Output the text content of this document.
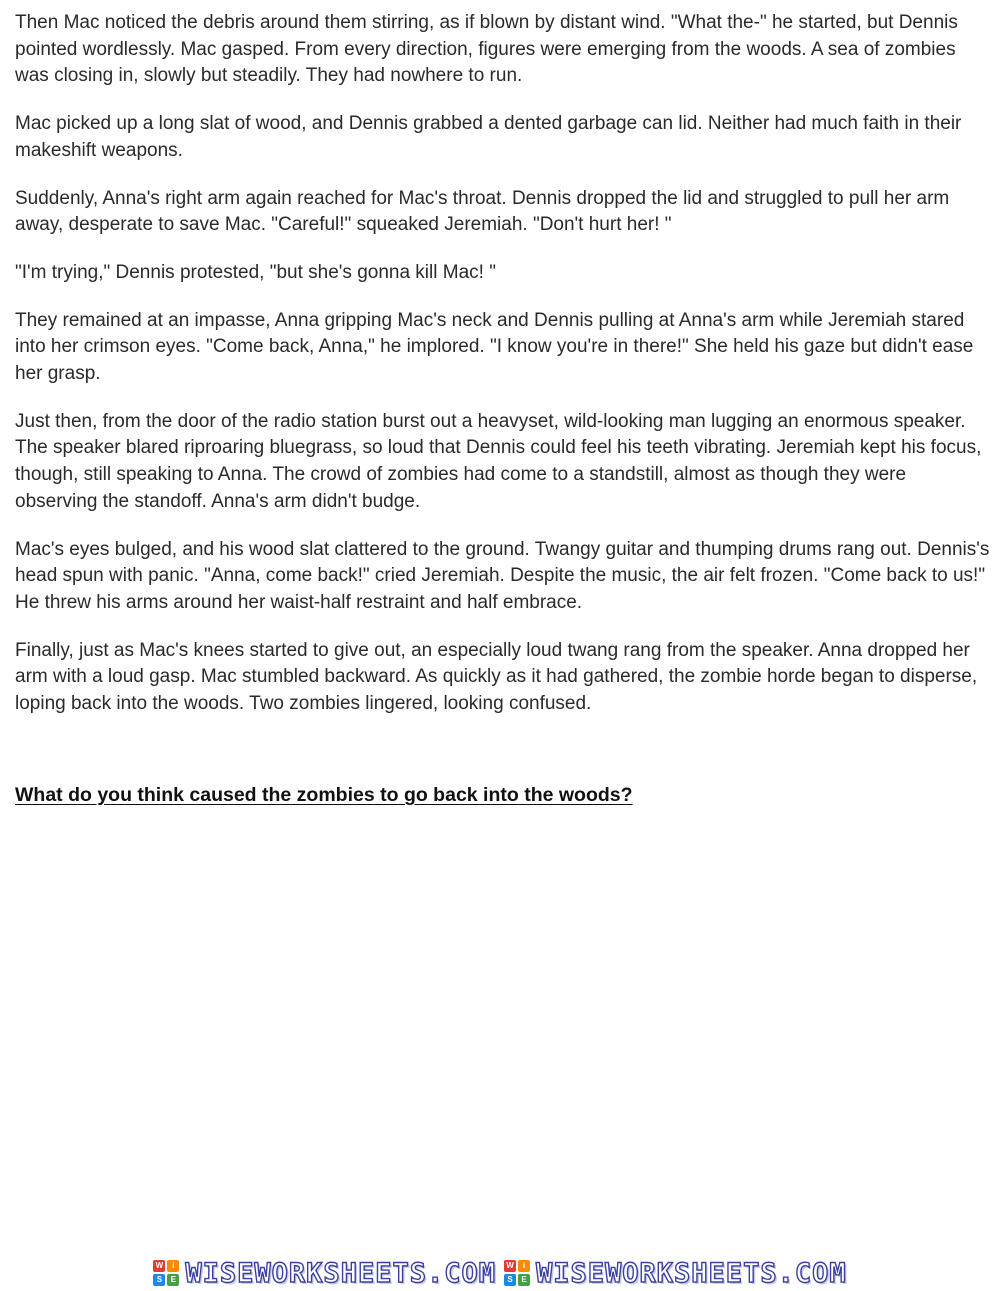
Then Mac noticed the debris around them stirring, as if blown by distant wind. "What the-" he started, but Dennis pointed wordlessly. Mac gasped. From every direction, figures were emerging from the woods. A sea of zombies was closing in, slowly but steadily. They had nowhere to run.

Mac picked up a long slat of wood, and Dennis grabbed a dented garbage can lid. Neither had much faith in their makeshift weapons.

Suddenly, Anna's right arm again reached for Mac's throat. Dennis dropped the lid and struggled to pull her arm away, desperate to save Mac. "Careful!" squeaked Jeremiah. "Don't hurt her! "

"I'm trying," Dennis protested, "but she's gonna kill Mac! "

They remained at an impasse, Anna gripping Mac's neck and Dennis pulling at Anna's arm while Jeremiah stared into her crimson eyes. "Come back, Anna," he implored. "I know you're in there!" She held his gaze but didn't ease her grasp.

Just then, from the door of the radio station burst out a heavyset, wild-looking man lugging an enormous speaker. The speaker blared riproaring bluegrass, so loud that Dennis could feel his teeth vibrating. Jeremiah kept his focus, though, still speaking to Anna. The crowd of zombies had come to a standstill, almost as though they were observing the standoff. Anna's arm didn't budge.

Mac's eyes bulged, and his wood slat clattered to the ground. Twangy guitar and thumping drums rang out. Dennis's head spun with panic. "Anna, come back!" cried Jeremiah. Despite the music, the air felt frozen. "Come back to us!" He threw his arms around her waist-half restraint and half embrace.

Finally, just as Mac's knees started to give out, an especially loud twang rang from the speaker. Anna dropped her arm with a loud gasp. Mac stumbled backward. As quickly as it had gathered, the zombie horde began to disperse, loping back into the woods. Two zombies lingered, looking confused.

What do you think caused the zombies to go back into the woods?

W	i
S	E WISEWORKSHEETS.COM W	i
S	E WISEWORKSHEETS.COM
